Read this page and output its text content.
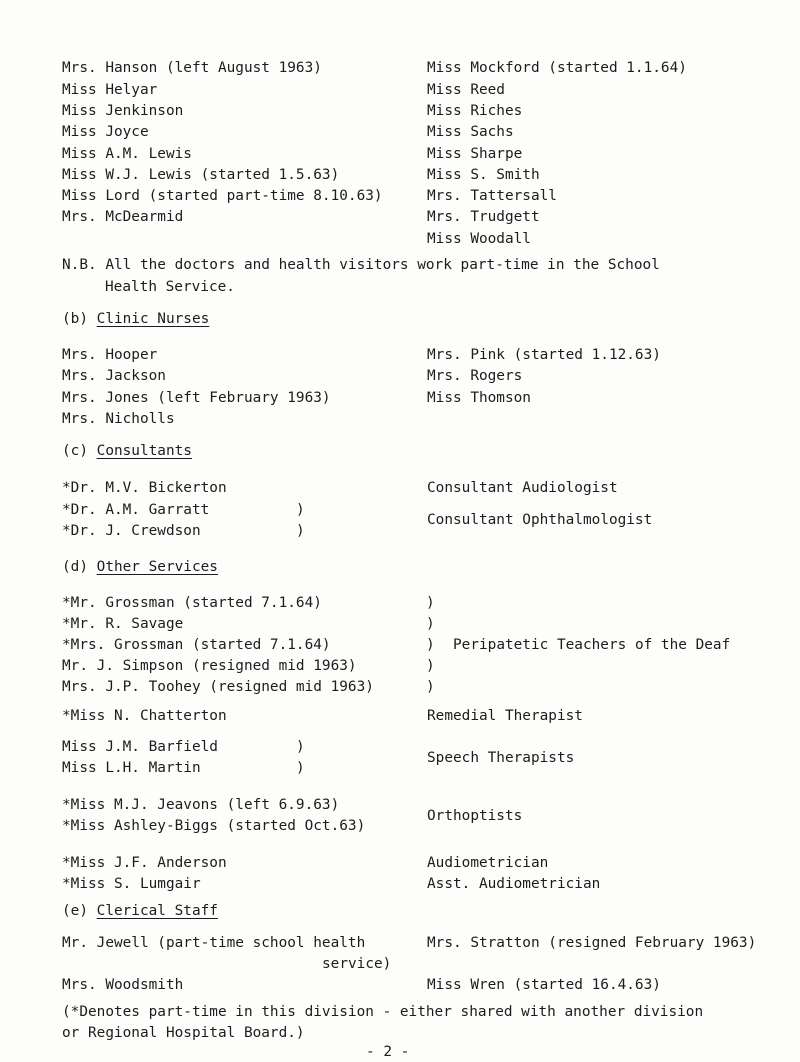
Mrs. Hanson (left August 1963)
Miss Helyar
Miss Jenkinson
Miss Joyce
Miss A.M. Lewis
Miss W.J. Lewis (started 1.5.63)
Miss Lord (started part-time 8.10.63)
Mrs. McDearmid
Miss Mockford (started 1.1.64)
Miss Reed
Miss Riches
Miss Sachs
Miss Sharpe
Miss S. Smith
Mrs. Tattersall
Mrs. Trudgett
Miss Woodall
N.B. All the doctors and health visitors work part-time in the School
Health Service.
(b) Clinic Nurses
Mrs. Hooper
Mrs. Jackson
Mrs. Jones (left February 1963)
Mrs. Nicholls
Mrs. Pink (started 1.12.63)
Mrs. Rogers
Miss Thomson
(c) Consultants
*Dr. M.V. Bickerton
*Dr. A.M. Garratt
*Dr. J. Crewdson
)
)
Consultant Audiologist
Consultant Ophthalmologist
(d) Other Services
*Mr. Grossman (started 7.1.64)
*Mr. R. Savage
*Mrs. Grossman (started 7.1.64)
Mr. J. Simpson (resigned mid 1963)
Mrs. J.P. Toohey (resigned mid 1963)
)
)
)
)
)
Peripatetic Teachers of the Deaf
*Miss N. Chatterton	Remedial Therapist
Miss J.M. Barfield
Miss L.H. Martin
)
)
Speech Therapists
*Miss M.J. Jeavons (left 6.9.63)
*Miss Ashley-Biggs (started Oct.63)
Orthoptists
*Miss J.F. Anderson
*Miss S. Lumgair
Audiometrician
Asst. Audiometrician
(e) Clerical Staff
Mr. Jewell (part-time school health
service)
Mrs. Woodsmith
Mrs. Stratton (resigned February 1963)
Miss Wren (started 16.4.63)
(*Denotes part-time in this division - either shared with another division
or Regional Hospital Board.)
- 2 -
